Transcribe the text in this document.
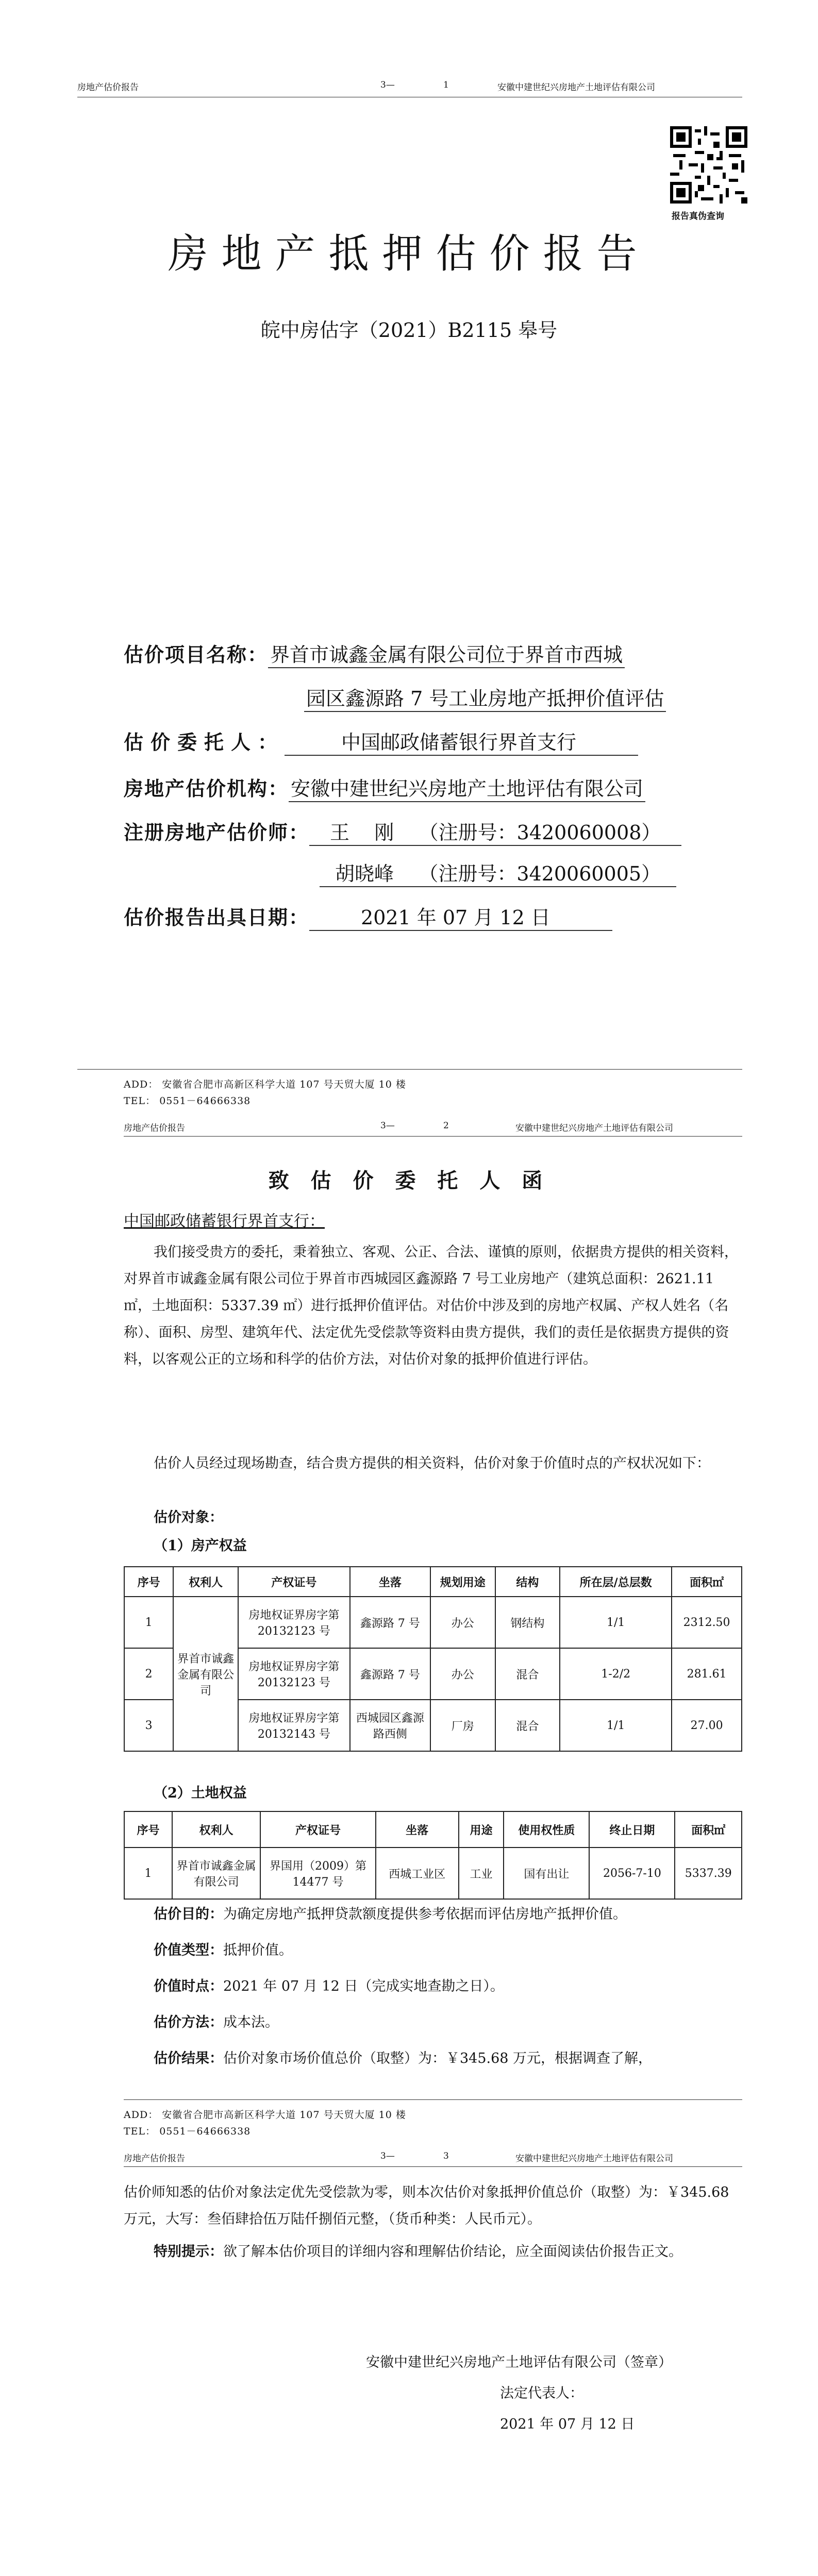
房地产估价报告	3—	1	安徽中建世纪兴房地产土地评估有限公司
报告真伪查询
房地产抵押估价报告
皖中房估字（2021）B2115 皋号
估价项目名称： 界首市诚鑫金属有限公司位于界首市西城
园区鑫源路 7 号工业房地产抵押价值评估
估价委托人：	中国邮政储蓄银行界首支行
房地产估价机构： 安徽中建世纪兴房地产土地评估有限公司
注册房地产估价师： 王    刚    （注册号：3420060008）
胡晓峰    （注册号：3420060005）
估价报告出具日期：	2021 年 07 月 12 日
ADD： 安徽省合肥市高新区科学大道 107 号天贸大厦 10 楼
TEL： 0551－64666338
房地产估价报告	3—	2	安徽中建世纪兴房地产土地评估有限公司
致 估 价 委 托 人 函
中国邮政储蓄银行界首支行：
我们接受贵方的委托，秉着独立、客观、公正、合法、谨慎的原则，依据贵方提供的相关资料，对界首市诚鑫金属有限公司位于界首市西城园区鑫源路 7 号工业房地产（建筑总面积：2621.11 ㎡，土地面积：5337.39 ㎡）进行抵押价值评估。对估价中涉及到的房地产权属、产权人姓名（名称）、面积、房型、建筑年代、法定优先受偿款等资料由贵方提供，我们的责任是依据贵方提供的资料，以客观公正的立场和科学的估价方法，对估价对象的抵押价值进行评估。
估价人员经过现场勘查，结合贵方提供的相关资料，估价对象于价值时点的产权状况如下：
估价对象：
（1）房产权益
序号	权利人	产权证号	坐落	规划用途	结构	所在层/总层数	面积㎡
1	界首市诚鑫金属有限公司	房地权证界房字第 20132123 号	鑫源路 7 号	办公	钢结构	1/1	2312.50
2		房地权证界房字第 20132123 号	鑫源路 7 号	办公	混合	1-2/2	281.61
3		房地权证界房字第 20132143 号	西城园区鑫源路西侧	厂房	混合	1/1	27.00
（2）土地权益
序号	权利人	产权证号	坐落	用途	使用权性质	终止日期	面积㎡
1	界首市诚鑫金属有限公司	界国用（2009）第 14477 号	西城工业区	工业	国有出让	2056-7-10	5337.39
估价目的：为确定房地产抵押贷款额度提供参考依据而评估房地产抵押价值。
价值类型：抵押价值。
价值时点：2021 年 07 月 12 日（完成实地查勘之日）。
估价方法：成本法。
估价结果：估价对象市场价值总价（取整）为：￥345.68 万元，根据调查了解，
ADD： 安徽省合肥市高新区科学大道 107 号天贸大厦 10 楼
TEL： 0551－64666338
房地产估价报告	3—	3	安徽中建世纪兴房地产土地评估有限公司
估价师知悉的估价对象法定优先受偿款为零，则本次估价对象抵押价值总价（取整）为：￥345.68 万元，大写：叁佰肆拾伍万陆仟捌佰元整，（货币种类：人民币元）。
特别提示：欲了解本估价项目的详细内容和理解估价结论，应全面阅读估价报告正文。
安徽中建世纪兴房地产土地评估有限公司（签章）
法定代表人：
2021 年 07 月 12 日
